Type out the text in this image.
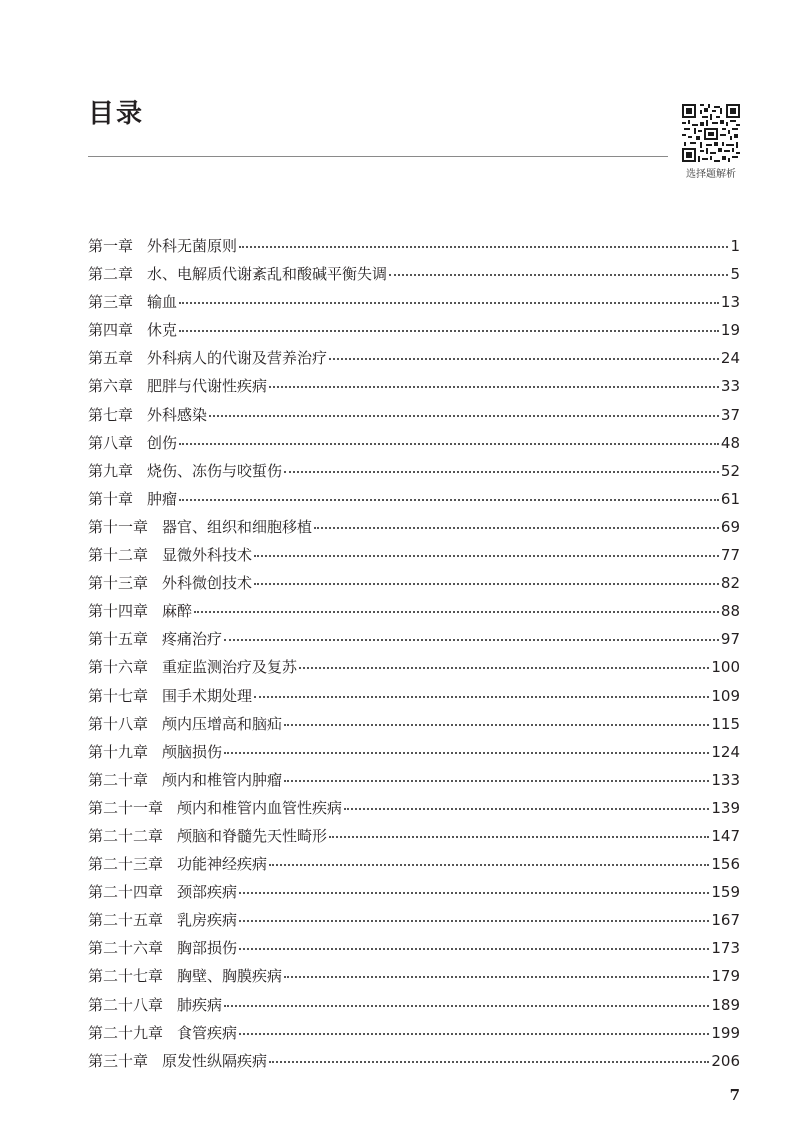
目录
选择题解析
第一章 外科无菌原则	1
第二章 水、电解质代谢紊乱和酸碱平衡失调	5
第三章 输血	13
第四章 休克	19
第五章 外科病人的代谢及营养治疗	24
第六章 肥胖与代谢性疾病	33
第七章 外科感染	37
第八章 创伤	48
第九章 烧伤、冻伤与咬蜇伤	52
第十章 肿瘤	61
第十一章 器官、组织和细胞移植	69
第十二章 显微外科技术	77
第十三章 外科微创技术	82
第十四章 麻醉	88
第十五章 疼痛治疗	97
第十六章 重症监测治疗及复苏	100
第十七章 围手术期处理	109
第十八章 颅内压增高和脑疝	115
第十九章 颅脑损伤	124
第二十章 颅内和椎管内肿瘤	133
第二十一章 颅内和椎管内血管性疾病	139
第二十二章 颅脑和脊髓先天性畸形	147
第二十三章 功能神经疾病	156
第二十四章 颈部疾病	159
第二十五章 乳房疾病	167
第二十六章 胸部损伤	173
第二十七章 胸壁、胸膜疾病	179
第二十八章 肺疾病	189
第二十九章 食管疾病	199
第三十章 原发性纵隔疾病	206
7
